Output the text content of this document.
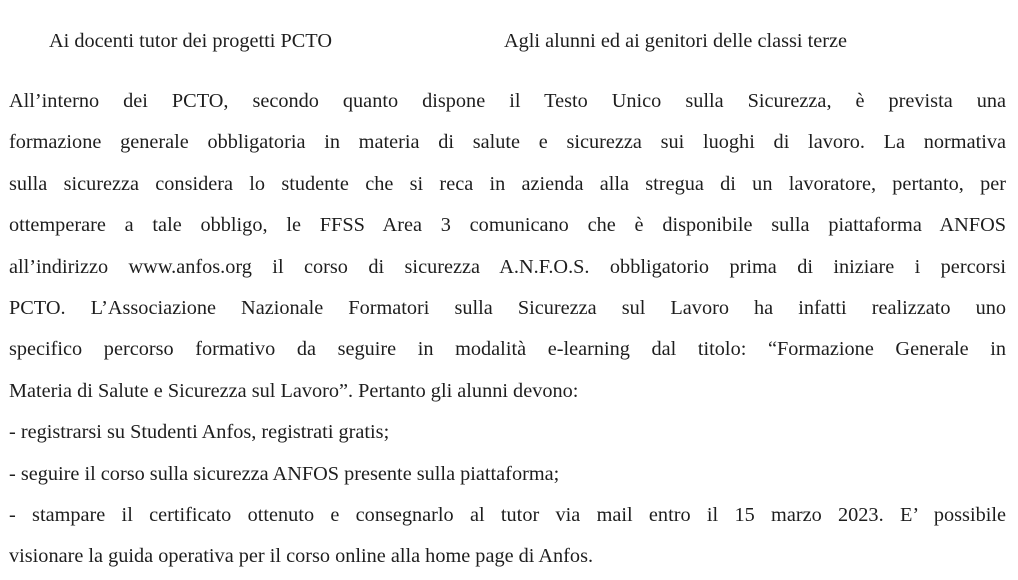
Ai docenti tutor dei progetti PCTO	Agli alunni ed ai genitori delle classi terze
All’interno dei PCTO, secondo quanto dispone il Testo Unico sulla Sicurezza, è prevista una
formazione generale obbligatoria in materia di salute e sicurezza sui luoghi di lavoro. La normativa
sulla sicurezza considera lo studente che si reca in azienda alla stregua di un lavoratore, pertanto, per
ottemperare a tale obbligo, le FFSS Area 3 comunicano che è disponibile sulla piattaforma ANFOS
all’indirizzo www.anfos.org il corso di sicurezza A.N.F.O.S. obbligatorio prima di iniziare i percorsi
PCTO. L’Associazione Nazionale Formatori sulla Sicurezza sul Lavoro ha infatti realizzato uno
specifico percorso formativo da seguire in modalità e-learning dal titolo: “Formazione Generale in
Materia di Salute e Sicurezza sul Lavoro”. Pertanto gli alunni devono:
- registrarsi su Studenti Anfos, registrati gratis;
- seguire il corso sulla sicurezza ANFOS presente sulla piattaforma;
- stampare il certificato ottenuto e consegnarlo al tutor via mail entro il 15 marzo 2023. E’ possibile
visionare la guida operativa per il corso online alla home page di Anfos.
